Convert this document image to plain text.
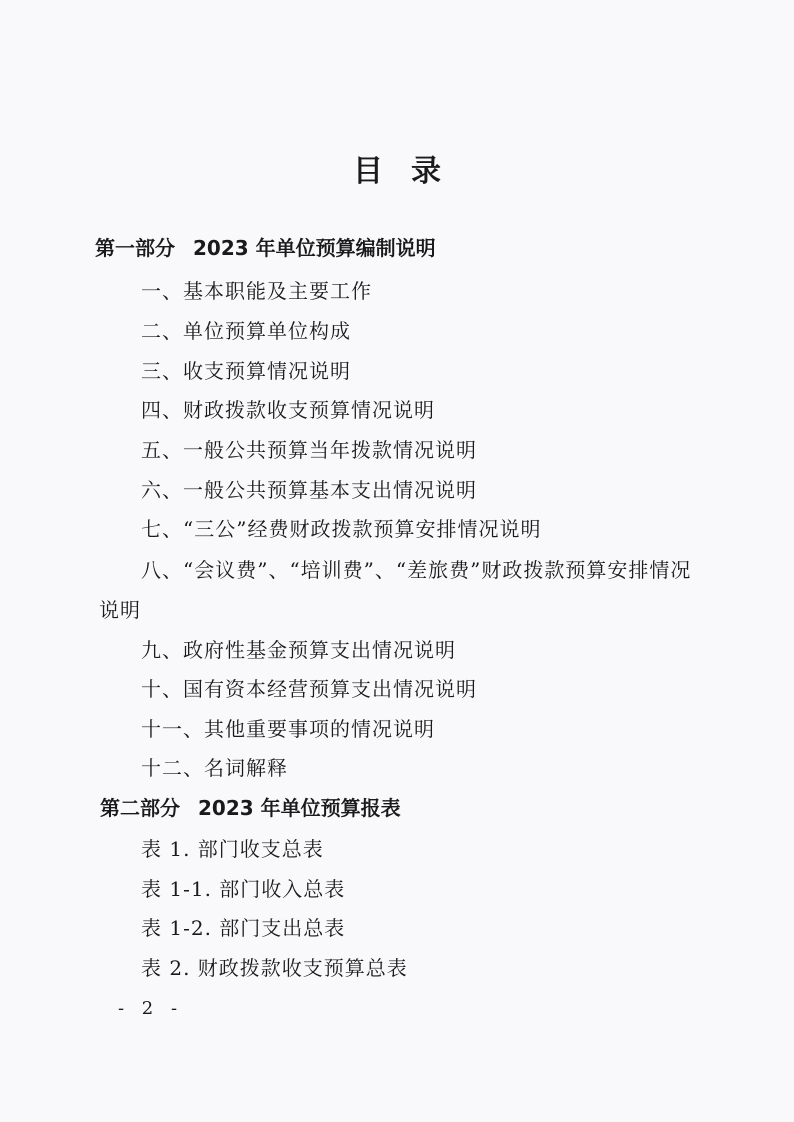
目录
第一部分 2023 年单位预算编制说明
一、基本职能及主要工作
二、单位预算单位构成
三、收支预算情况说明
四、财政拨款收支预算情况说明
五、一般公共预算当年拨款情况说明
六、一般公共预算基本支出情况说明
七、“三公”经费财政拨款预算安排情况说明
八、“会议费”、“培训费”、“差旅费”财政拨款预算安排情况
说明
九、政府性基金预算支出情况说明
十、国有资本经营预算支出情况说明
十一、其他重要事项的情况说明
十二、名词解释
第二部分 2023 年单位预算报表
表 1. 部门收支总表
表 1-1. 部门收入总表
表 1-2. 部门支出总表
表 2. 财政拨款收支预算总表
- 2 -
